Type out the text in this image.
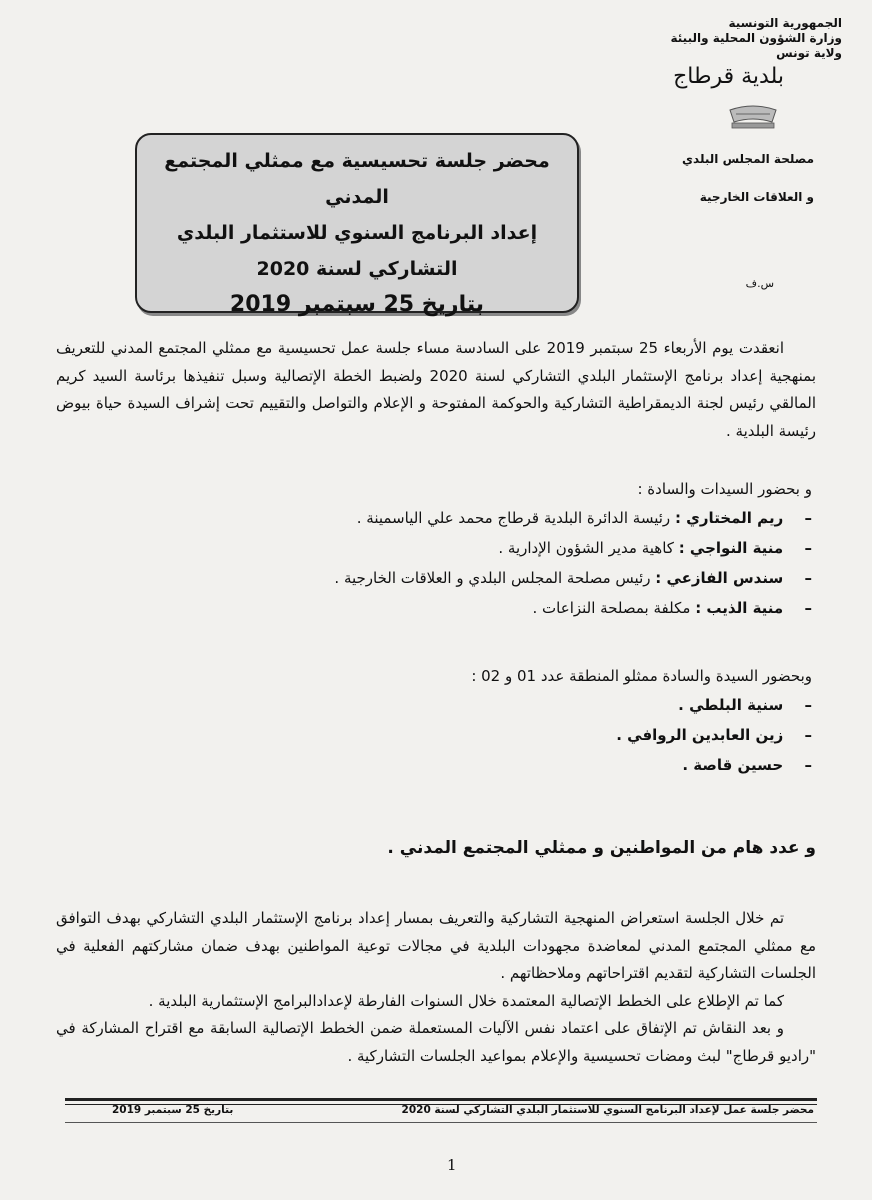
الجمهورية التونسية
وزارة الشؤون المحلية والبيئة
ولاية تونس
بلدية قرطاج
مصلحة المجلس البلدي
و العلاقات الخارجية
س.ف
محضر جلسة تحسيسية مع ممثلي المجتمع المدني
إعداد البرنامج السنوي للاستثمار البلدي
التشاركي لسنة 2020
بتاريخ 25 سبتمبر 2019

انعقدت يوم الأربعاء 25 سبتمبر 2019 على السادسة مساء جلسة عمل تحسيسية مع ممثلي المجتمع المدني للتعريف بمنهجية إعداد برنامج الإستثمار البلدي التشاركي لسنة 2020 ولضبط الخطة الإتصالية وسبل تنفيذها برئاسة السيد كريم المالقي رئيس لجنة الديمقراطية التشاركية والحوكمة المفتوحة و الإعلام والتواصل والتقييم تحت إشراف السيدة حياة بيوض رئيسة البلدية .

و بحضور السيدات والسادة :
– ريم المختاري : رئيسة الدائرة البلدية قرطاج محمد علي الياسمينة .
– منية النواجي : كاهية مدير الشؤون الإدارية .
– سندس الفازعي : رئيس مصلحة المجلس البلدي و العلاقات الخارجية .
– منية الذيب : مكلفة بمصلحة النزاعات .
وبحضور السيدة والسادة ممثلو المنطقة عدد 01 و 02 :
– سنية البلطي .
– زين العابدين الروافي .
– حسين قاصة .
و عدد هام من المواطنين و ممثلي المجتمع المدني .

تم خلال الجلسة استعراض المنهجية التشاركية والتعريف بمسار إعداد برنامج الإستثمار البلدي التشاركي بهدف التوافق مع ممثلي المجتمع المدني لمعاضدة مجهودات البلدية في مجالات توعية المواطنين بهدف ضمان مشاركتهم الفعلية في الجلسات التشاركية لتقديم اقتراحاتهم وملاحظاتهم .

كما تم الإطلاع على الخطط الإتصالية المعتمدة خلال السنوات الفارطة لإعدادالبرامج الإستثمارية البلدية .

و بعد النقاش تم الإتفاق على اعتماد نفس الآليات المستعملة ضمن الخطط الإتصالية السابقة مع اقتراح المشاركة في "راديو قرطاج" لبث ومضات تحسيسية والإعلام بمواعيد الجلسات التشاركية .

محضر جلسة عمل لإعداد البرنامج السنوي للاستثمار البلدي التشاركي لسنة 2020
بتاريخ 25 سبتمبر 2019
1
